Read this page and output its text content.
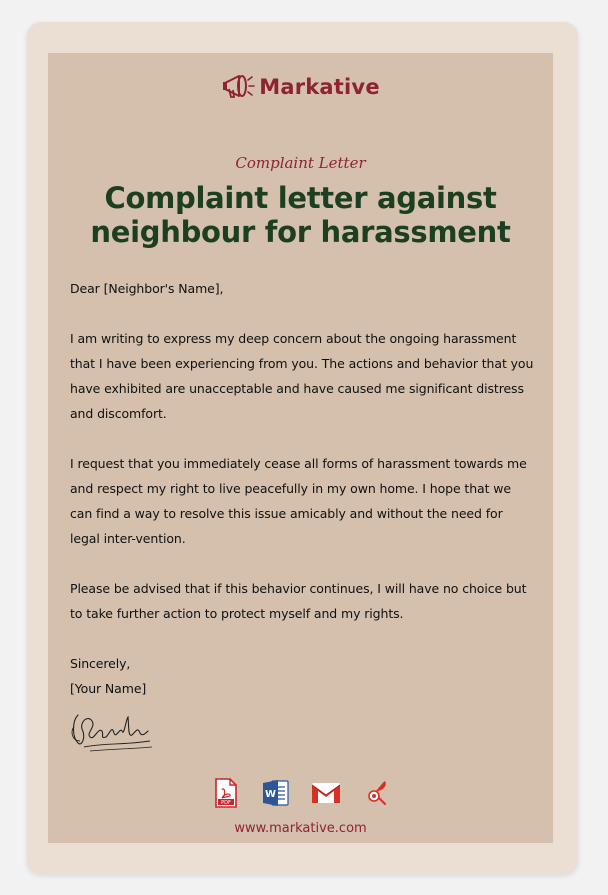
Markative
Complaint Letter
Complaint letter against neighbour for harassment

Dear [Neighbor's Name],

I am writing to express my deep concern about the ongoing harassment that I have been experiencing from you. The actions and behavior that you have exhibited are unacceptable and have caused me significant distress and discomfort.

I request that you immediately cease all forms of harassment towards me and respect my right to live peacefully in my own home. I hope that we can find a way to resolve this issue amicably and without the need for legal inter-vention.

Please be advised that if this behavior continues, I will have no choice but to take further action to protect myself and my rights.

Sincerely,

[Your Name]

PDF
W
www.markative.com
